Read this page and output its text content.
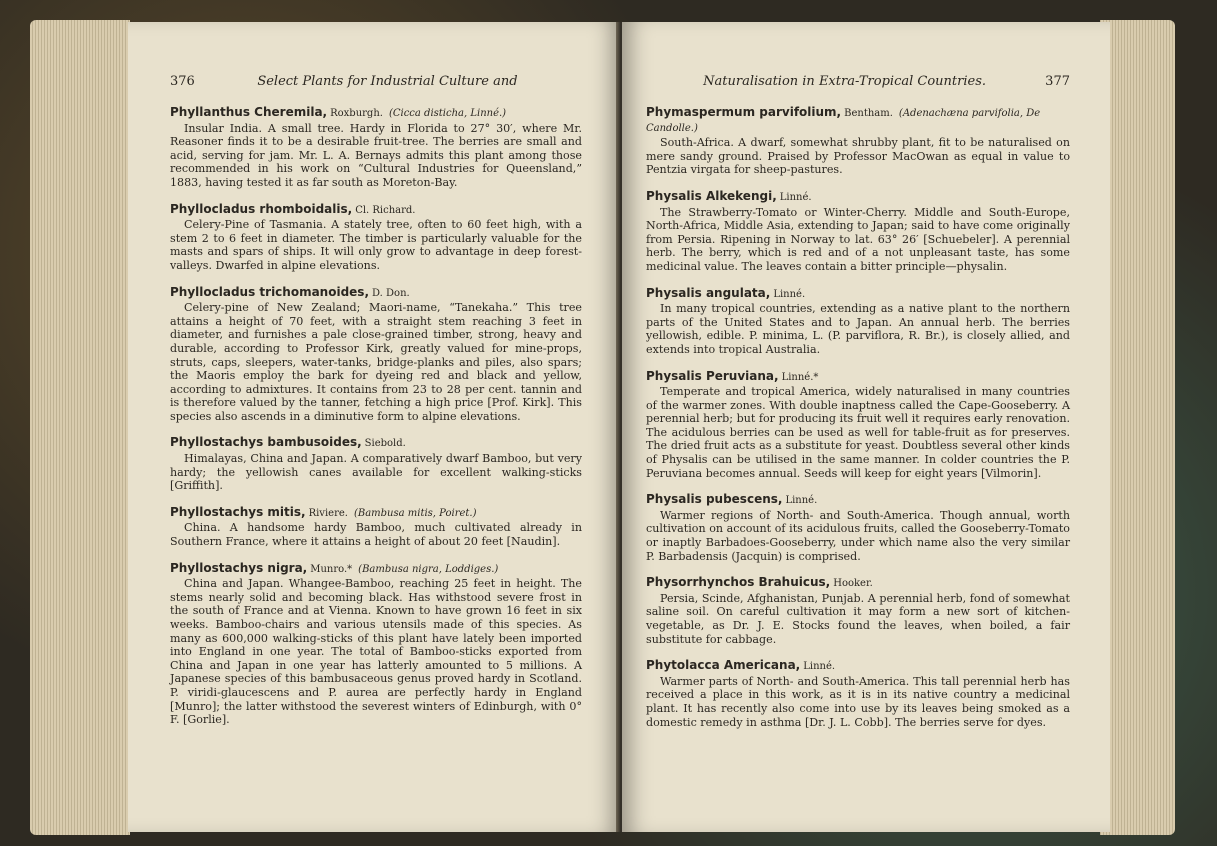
376	Select Plants for Industrial Culture and
Phyllanthus Cheremila, Roxburgh. (Cicca disticha, Linné.)

Insular India. A small tree. Hardy in Florida to 27° 30′, where Mr. Reasoner finds it to be a desirable fruit-tree. The berries are small and acid, serving for jam. Mr. L. A. Bernays admits this plant among those recommended in his work on “Cultural Industries for Queensland,” 1883, having tested it as far south as Moreton-Bay.

Phyllocladus rhomboidalis, Cl. Richard.

Celery-Pine of Tasmania. A stately tree, often to 60 feet high, with a stem 2 to 6 feet in diameter. The timber is particularly valuable for the masts and spars of ships. It will only grow to advantage in deep forest-valleys. Dwarfed in alpine elevations.

Phyllocladus trichomanoides, D. Don.

Celery-pine of New Zealand; Maori-name, “Tanekaha.” This tree attains a height of 70 feet, with a straight stem reaching 3 feet in diameter, and furnishes a pale close-grained timber, strong, heavy and durable, according to Professor Kirk, greatly valued for mine-props, struts, caps, sleepers, water-tanks, bridge-planks and piles, also spars; the Maoris employ the bark for dyeing red and black and yellow, according to admixtures. It contains from 23 to 28 per cent. tannin and is therefore valued by the tanner, fetching a high price [Prof. Kirk]. This species also ascends in a diminutive form to alpine elevations.

Phyllostachys bambusoides, Siebold.

Himalayas, China and Japan. A comparatively dwarf Bamboo, but very hardy; the yellowish canes available for excellent walking-sticks [Griffith].

Phyllostachys mitis, Riviere. (Bambusa mitis, Poiret.)

China. A handsome hardy Bamboo, much cultivated already in Southern France, where it attains a height of about 20 feet [Naudin].

Phyllostachys nigra, Munro.* (Bambusa nigra, Loddiges.)

China and Japan. Whangee-Bamboo, reaching 25 feet in height. The stems nearly solid and becoming black. Has withstood severe frost in the south of France and at Vienna. Known to have grown 16 feet in six weeks. Bamboo-chairs and various utensils made of this species. As many as 600,000 walking-sticks of this plant have lately been imported into England in one year. The total of Bamboo-sticks exported from China and Japan in one year has latterly amounted to 5 millions. A Japanese species of this bambusaceous genus proved hardy in Scotland. P. viridi-glaucescens and P. aurea are perfectly hardy in England [Munro]; the latter withstood the severest winters of Edinburgh, with 0° F. [Gorlie].

Naturalisation in Extra-Tropical Countries.	377
Phymaspermum parvifolium, Bentham. (Adenachæna parvifolia, De Candolle.)

South-Africa. A dwarf, somewhat shrubby plant, fit to be naturalised on mere sandy ground. Praised by Professor MacOwan as equal in value to Pentzia virgata for sheep-pastures.

Physalis Alkekengi, Linné.

The Strawberry-Tomato or Winter-Cherry. Middle and South-Europe, North-Africa, Middle Asia, extending to Japan; said to have come originally from Persia. Ripening in Norway to lat. 63° 26′ [Schuebeler]. A perennial herb. The berry, which is red and of a not unpleasant taste, has some medicinal value. The leaves contain a bitter principle—physalin.

Physalis angulata, Linné.

In many tropical countries, extending as a native plant to the northern parts of the United States and to Japan. An annual herb. The berries yellowish, edible. P. minima, L. (P. parviflora, R. Br.), is closely allied, and extends into tropical Australia.

Physalis Peruviana, Linné.*

Temperate and tropical America, widely naturalised in many countries of the warmer zones. With double inaptness called the Cape-Gooseberry. A perennial herb; but for producing its fruit well it requires early renovation. The acidulous berries can be used as well for table-fruit as for preserves. The dried fruit acts as a substitute for yeast. Doubtless several other kinds of Physalis can be utilised in the same manner. In colder countries the P. Peruviana becomes annual. Seeds will keep for eight years [Vilmorin].

Physalis pubescens, Linné.

Warmer regions of North- and South-America. Though annual, worth cultivation on account of its acidulous fruits, called the Gooseberry-Tomato or inaptly Barbadoes-Gooseberry, under which name also the very similar P. Barbadensis (Jacquin) is comprised.

Physorrhynchos Brahuicus, Hooker.

Persia, Scinde, Afghanistan, Punjab. A perennial herb, fond of somewhat saline soil. On careful cultivation it may form a new sort of kitchen-vegetable, as Dr. J. E. Stocks found the leaves, when boiled, a fair substitute for cabbage.

Phytolacca Americana, Linné.

Warmer parts of North- and South-America. This tall perennial herb has received a place in this work, as it is in its native country a medicinal plant. It has recently also come into use by its leaves being smoked as a domestic remedy in asthma [Dr. J. L. Cobb]. The berries serve for dyes.
